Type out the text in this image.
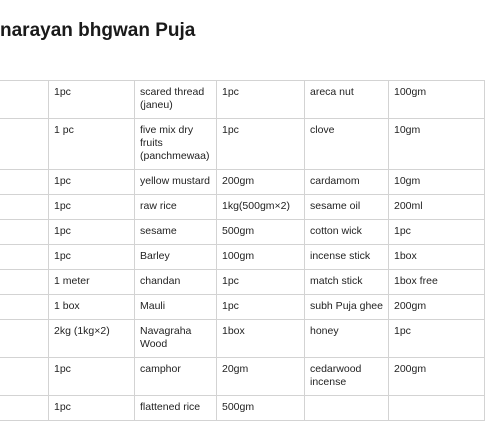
narayan bhgwan Puja
	1pc	scared thread (janeu)	1pc	areca nut	100gm
	1 pc	five mix dry fruits (panchmewaa)	1pc	clove	10gm
	1pc	yellow mustard	200gm	cardamom	10gm
	1pc	raw rice	1kg(500gm×2)	sesame oil	200ml
	1pc	sesame	500gm	cotton wick	1pc
	1pc	Barley	100gm	incense stick	1box
	1 meter	chandan	1pc	match stick	1box free
	1 box	Mauli	1pc	subh Puja ghee	200gm
	2kg (1kg×2)	Navagraha Wood	1box	honey	1pc
	1pc	camphor	20gm	cedarwood incense	200gm
	1pc	flattened rice	500gm		
